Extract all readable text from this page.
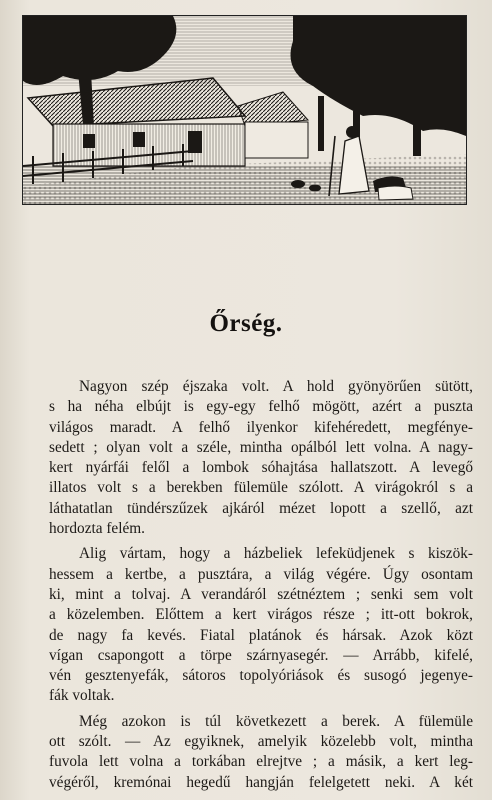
Őrség.

Nagyon szép éjszaka volt. A hold gyönyörűen sütött,
s ha néha elbújt is egy-egy felhő mögött, azért a puszta
világos maradt. A felhő ilyenkor kifehéredett, megfénye-
sedett ; olyan volt a széle, mintha opálból lett volna. A nagy-
kert nyárfái felől a lombok sóhajtása hallatszott. A levegő
illatos volt s a berekben fülemüle szólott. A virágokról s a
láthatatlan tündérszűzek ajkáról mézet lopott a szellő, azt
hordozta felém.

Alig vártam, hogy a házbeliek lefeküdjenek s kiszök-
hessem a kertbe, a pusztára, a világ végére. Úgy osontam
ki, mint a tolvaj. A verandáról szétnéztem ; senki sem volt
a közelemben. Előttem a kert virágos része ; itt-ott bokrok,
de nagy fa kevés. Fiatal platánok és hársak. Azok közt
vígan csapongott a törpe szárnyasegér. — Arrább, kifelé,
vén gesztenyefák, sátoros topolyóriások és susogó jegenye-
fák voltak.

Még azokon is túl következett a berek. A fülemüle
ott szólt. — Az egyiknek, amelyik közelebb volt, mintha
fuvola lett volna a torkában elrejtve ; a másik, a kert leg-
végéről, kremónai hegedű hangján felelgetett neki. A két
